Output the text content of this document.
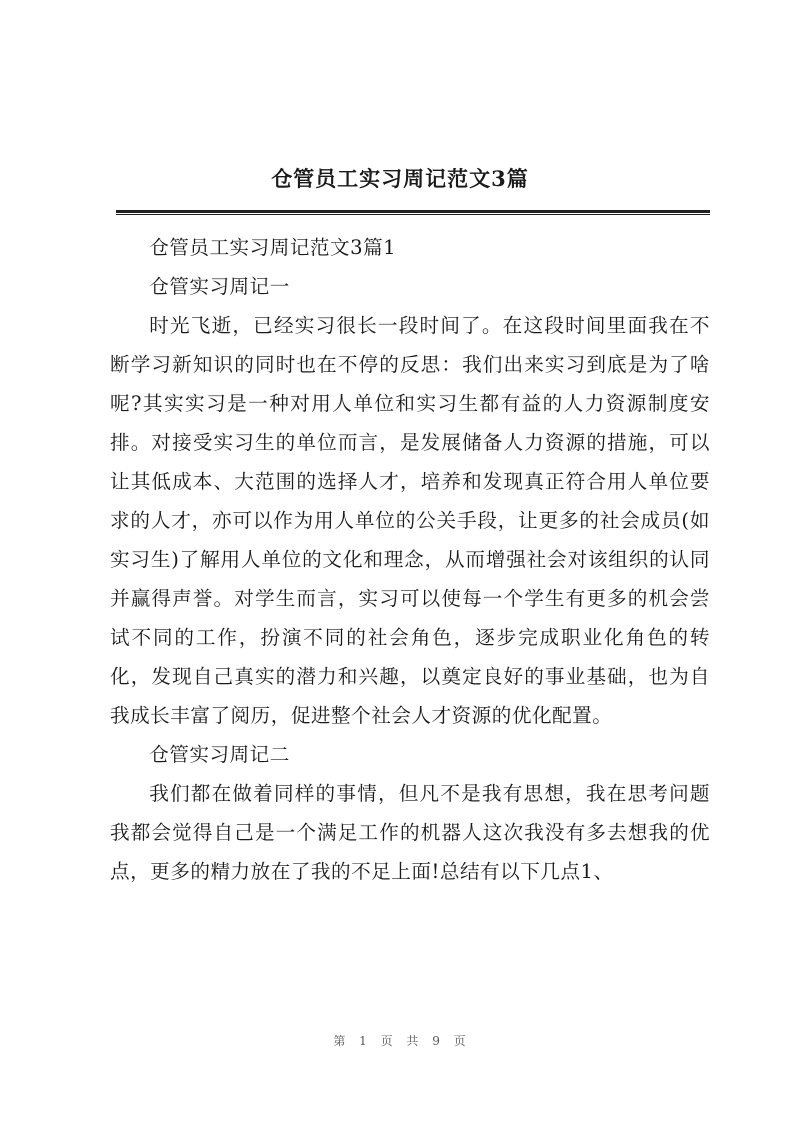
仓管员工实习周记范文3篇

仓管员工实习周记范文3篇1

仓管实习周记一

时光飞逝，已经实习很长一段时间了。在这段时间里面我在不断学习新知识的同时也在不停的反思：我们出来实习到底是为了啥呢?其实实习是一种对用人单位和实习生都有益的人力资源制度安排。对接受实习生的单位而言，是发展储备人力资源的措施，可以让其低成本、大范围的选择人才，培养和发现真正符合用人单位要求的人才，亦可以作为用人单位的公关手段，让更多的社会成员(如实习生)了解用人单位的文化和理念，从而增强社会对该组织的认同并赢得声誉。对学生而言，实习可以使每一个学生有更多的机会尝试不同的工作，扮演不同的社会角色，逐步完成职业化角色的转化，发现自己真实的潜力和兴趣，以奠定良好的事业基础，也为自我成长丰富了阅历，促进整个社会人才资源的优化配置。

仓管实习周记二

我们都在做着同样的事情，但凡不是我有思想，我在思考问题我都会觉得自己是一个满足工作的机器人这次我没有多去想我的优点，更多的精力放在了我的不足上面!总结有以下几点1、

第 1 页 共 9 页
